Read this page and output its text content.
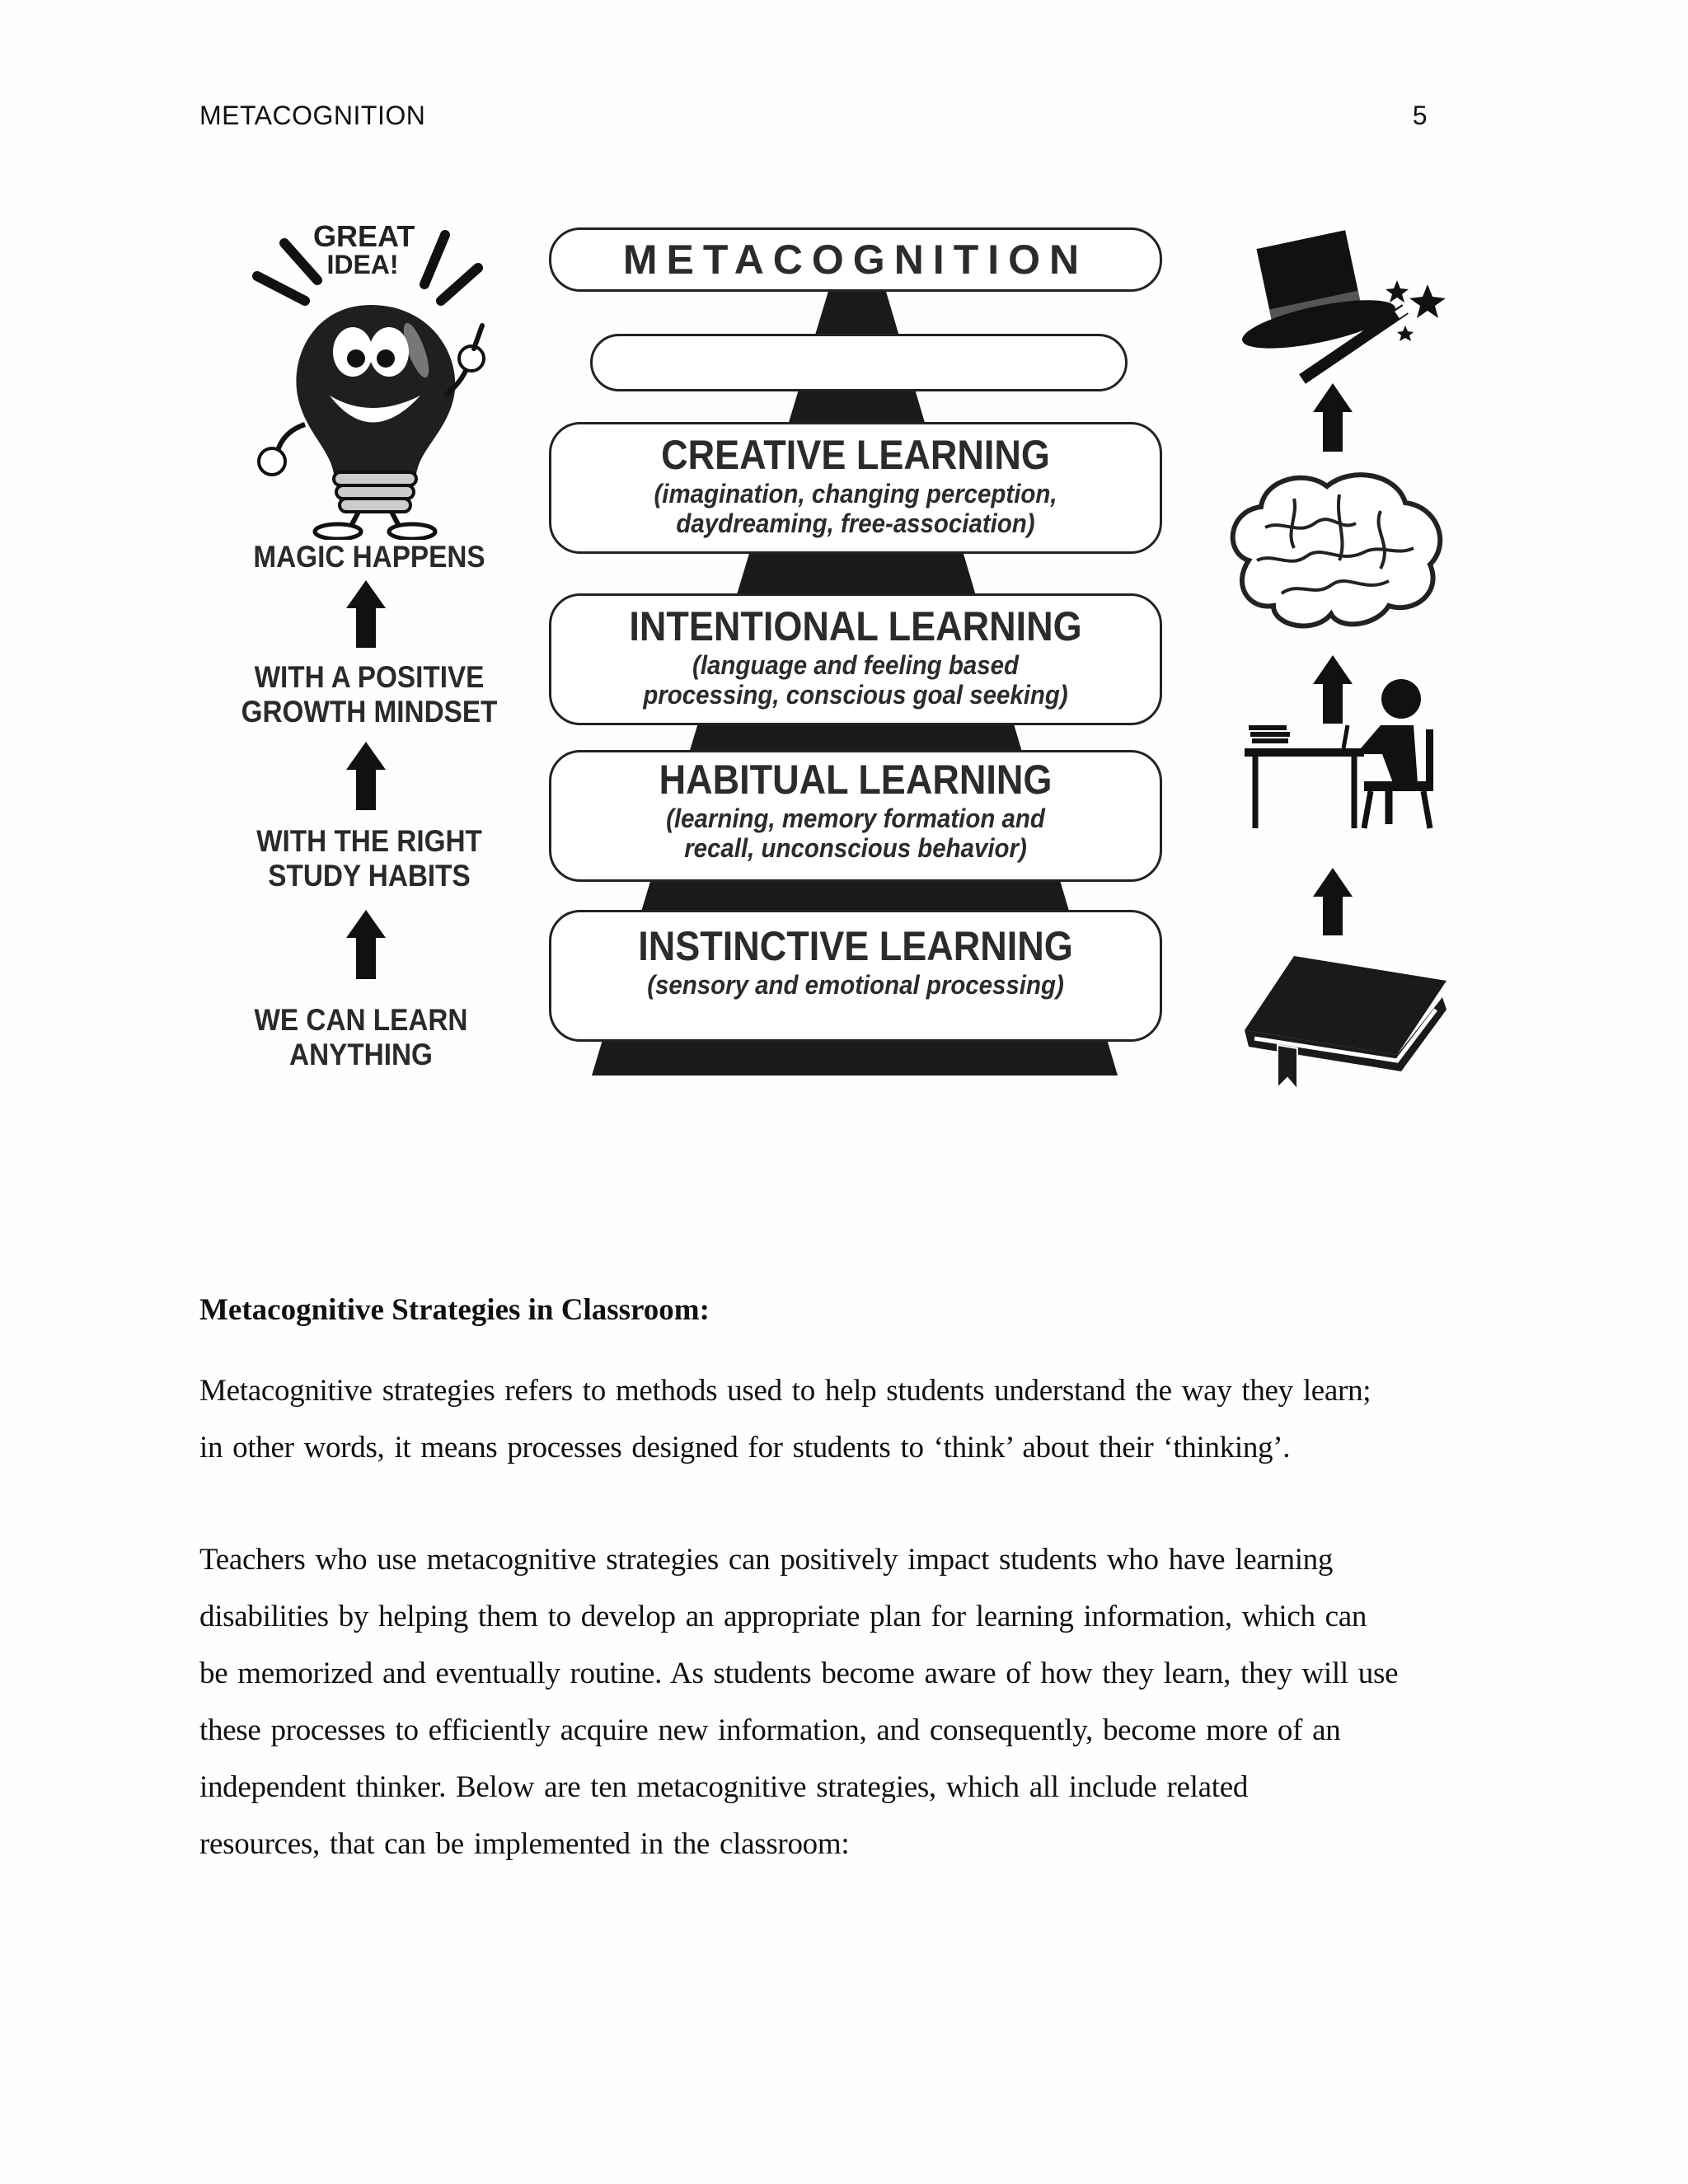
METACOGNITION	5
GREAT
IDEA!
MAGIC HAPPENS
WITH A POSITIVE
GROWTH MINDSET
WITH THE RIGHT
STUDY HABITS
WE CAN LEARN
ANYTHING
METACOGNITION
CREATIVE LEARNING
(imagination, changing perception,
daydreaming, free-association)
INTENTIONAL LEARNING
(language and feeling based
processing, conscious goal seeking)
HABITUAL LEARNING
(learning, memory formation and
recall, unconscious behavior)
INSTINCTIVE LEARNING
(sensory and emotional processing)
Metacognitive Strategies in Classroom:
Metacognitive strategies refers to methods used to help students understand the way they learn;
in other words, it means processes designed for students to ‘think’ about their ‘thinking’.
Teachers who use metacognitive strategies can positively impact students who have learning
disabilities by helping them to develop an appropriate plan for learning information, which can
be memorized and eventually routine. As students become aware of how they learn, they will use
these processes to efficiently acquire new information, and consequently, become more of an
independent thinker. Below are ten metacognitive strategies, which all include related
resources, that can be implemented in the classroom:
